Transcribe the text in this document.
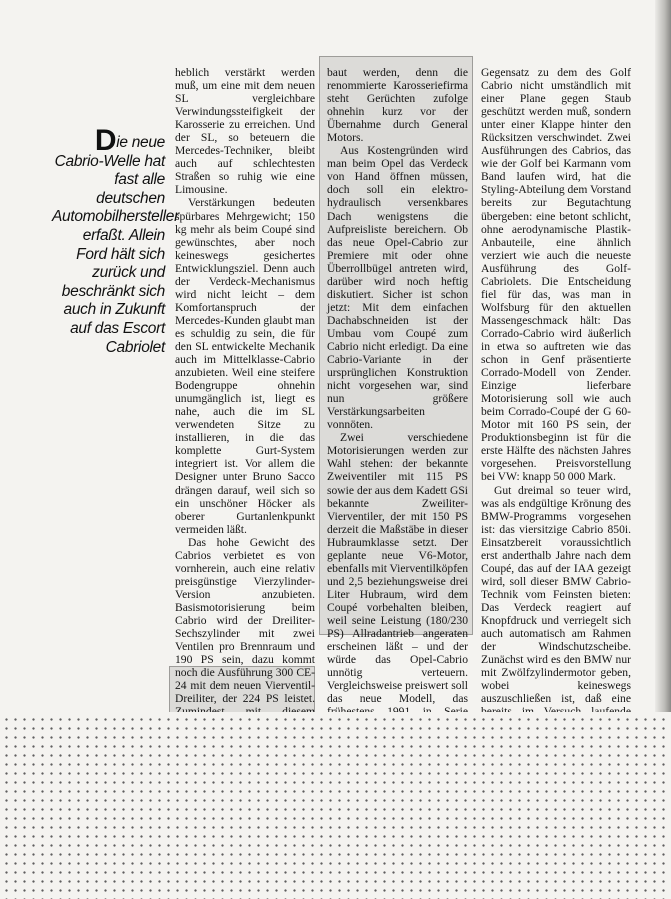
Die neue Cabrio-Welle hat fast alle deutschen Automobilhersteller erfaßt. Allein Ford hält sich zurück und beschränkt sich auch in Zukunft auf das Escort Cabriolet

heblich verstärkt werden muß, um eine mit dem neuen SL vergleichbare Verwindungssteifigkeit der Karosserie zu erreichen. Und der SL, so beteuern die Mercedes-Techniker, bleibt auch auf schlechtesten Straßen so ruhig wie eine Limousine.

Verstärkungen bedeuten spürbares Mehrgewicht; 150 kg mehr als beim Coupé sind gewünschtes, aber noch keineswegs gesichertes Entwicklungsziel. Denn auch der Verdeck-Mechanismus wird nicht leicht – dem Komfortanspruch der Mercedes-Kunden glaubt man es schuldig zu sein, die für den SL entwickelte Mechanik auch im Mittelklasse-Cabrio anzubieten. Weil eine steifere Bodengruppe ohnehin unumgänglich ist, liegt es nahe, auch die im SL verwendeten Sitze zu installieren, in die das komplette Gurt-System integriert ist. Vor allem die Designer unter Bruno Sacco drängen darauf, weil sich so ein unschöner Höcker als oberer Gurtanlenkpunkt vermeiden läßt.

Das hohe Gewicht des Cabrios verbietet es von vornherein, auch eine relativ preisgünstige Vierzylinder-Version anzubieten. Basismotorisierung beim Cabrio wird der Dreiliter-Sechszylinder mit zwei Ventilen pro Brennraum und 190 PS sein, dazu kommt noch die Ausführung 300 CE-24 mit dem neuen Vierventil-Dreiliter, der 224 PS leistet.

baut werden, denn die renommierte Karosseriefirma steht Gerüchten zufolge ohnehin kurz vor der Übernahme durch General Motors.

Aus Kostengründen wird man beim Opel das Verdeck von Hand öffnen müssen, doch soll ein elektro-hydraulisch versenkbares Dach wenigstens die Aufpreisliste bereichern. Ob das neue Opel-Cabrio zur Premiere mit oder ohne Überrollbügel antreten wird, darüber wird noch heftig diskutiert. Sicher ist schon jetzt: Mit dem einfachen Dachabschneiden ist der Umbau vom Coupé zum Cabrio nicht erledigt. Da eine Cabrio-Variante in der ursprünglichen Konstruktion nicht vorgesehen war, sind nun größere Verstärkungsarbeiten vonnöten.

Zwei verschiedene Motorisierungen werden zur Wahl stehen: der bekannte Zweiventiler mit 115 PS sowie der aus dem Kadett GSi bekannte Zweiliter-Vierventiler, der mit 150 PS derzeit die Maßstäbe in dieser Hubraumklasse setzt. Der geplante neue V6-Motor, ebenfalls mit Vierventilköpfen und 2,5 beziehungsweise drei Liter Hubraum, wird dem Coupé vorbehalten bleiben, weil seine Leistung (180/230 PS) Allradantrieb angeraten erscheinen läßt – und der würde das Opel-Cabrio unnötig verteuern. Vergleichsweise preiswert soll das neue Modell, das

Gegensatz zu dem des Golf Cabrio nicht umständlich mit einer Plane gegen Staub geschützt werden muß, sondern unter einer Klappe hinter den Rücksitzen verschwindet. Zwei Ausführungen des Cabrios, das wie der Golf bei Karmann vom Band laufen wird, hat die Styling-Abteilung dem Vorstand bereits zur Begutachtung übergeben: eine betont schlicht, ohne aerodynamische Plastik-Anbauteile, eine ähnlich verziert wie auch die neueste Ausführung des Golf-Cabriolets. Die Entscheidung fiel für das, was man in Wolfsburg für den aktuellen Massengeschmack hält: Das Corrado-Cabrio wird äußerlich in etwa so auftreten wie das schon in Genf präsentierte Corrado-Modell von Zender. Einzige lieferbare Motorisierung soll wie auch beim Corrado-Coupé der G 60-Motor mit 160 PS sein, der Produktionsbeginn ist für die erste Hälfte des nächsten Jahres vorgesehen. Preisvorstellung bei VW: knapp 50 000 Mark.

Gut dreimal so teuer wird, was als endgültige Krönung des BMW-Programms vorgesehen ist: das viersitzige Cabrio 850i. Einsatzbereit voraussichtlich erst anderthalb Jahre nach dem Coupé, das auf der IAA gezeigt wird, soll dieser BMW Cabrio-Technik vom Feinsten bieten: Das Verdeck reagiert auf Knopfdruck und verriegelt sich auch automatisch am Rahmen der Windschutzscheibe. Zunächst wird es den BMW nur mit Zwölfzylindermotor geben, wobei keineswegs auszuschließen ist, daß eine
